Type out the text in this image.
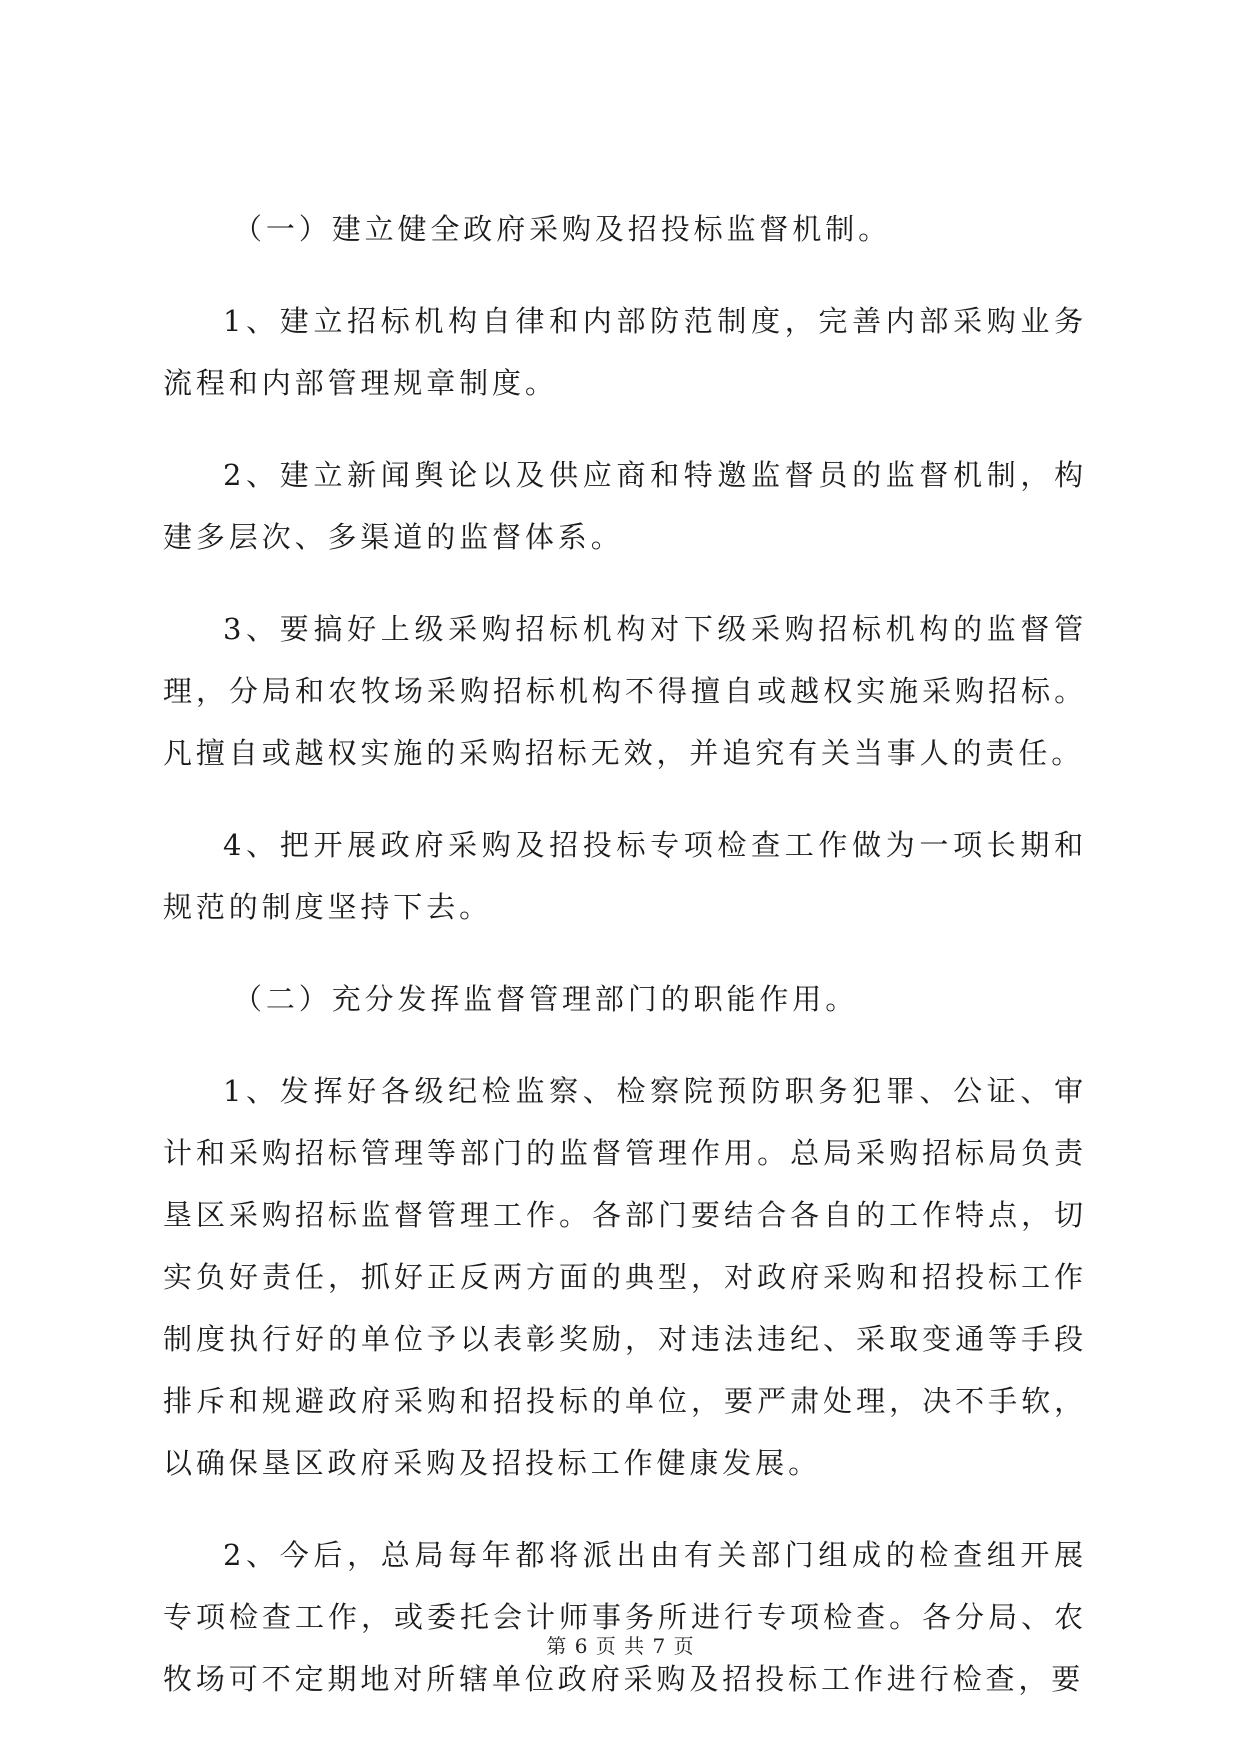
（一）建立健全政府采购及招投标监督机制。

1、建立招标机构自律和内部防范制度，完善内部采购业务流程和内部管理规章制度。

2、建立新闻舆论以及供应商和特邀监督员的监督机制，构建多层次、多渠道的监督体系。

3、要搞好上级采购招标机构对下级采购招标机构的监督管理，分局和农牧场采购招标机构不得擅自或越权实施采购招标。凡擅自或越权实施的采购招标无效，并追究有关当事人的责任。

4、把开展政府采购及招投标专项检查工作做为一项长期和规范的制度坚持下去。

（二）充分发挥监督管理部门的职能作用。

1、发挥好各级纪检监察、检察院预防职务犯罪、公证、审计和采购招标管理等部门的监督管理作用。总局采购招标局负责垦区采购招标监督管理工作。各部门要结合各自的工作特点，切实负好责任，抓好正反两方面的典型，对政府采购和招投标工作制度执行好的单位予以表彰奖励，对违法违纪、采取变通等手段排斥和规避政府采购和招投标的单位，要严肃处理，决不手软，以确保垦区政府采购及招投标工作健康发展。

2、今后，总局每年都将派出由有关部门组成的检查组开展专项检查工作，或委托会计师事务所进行专项检查。各分局、农牧场可不定期地对所辖单位政府采购及招投标工作进行检查，要

第 6 页 共 7 页
